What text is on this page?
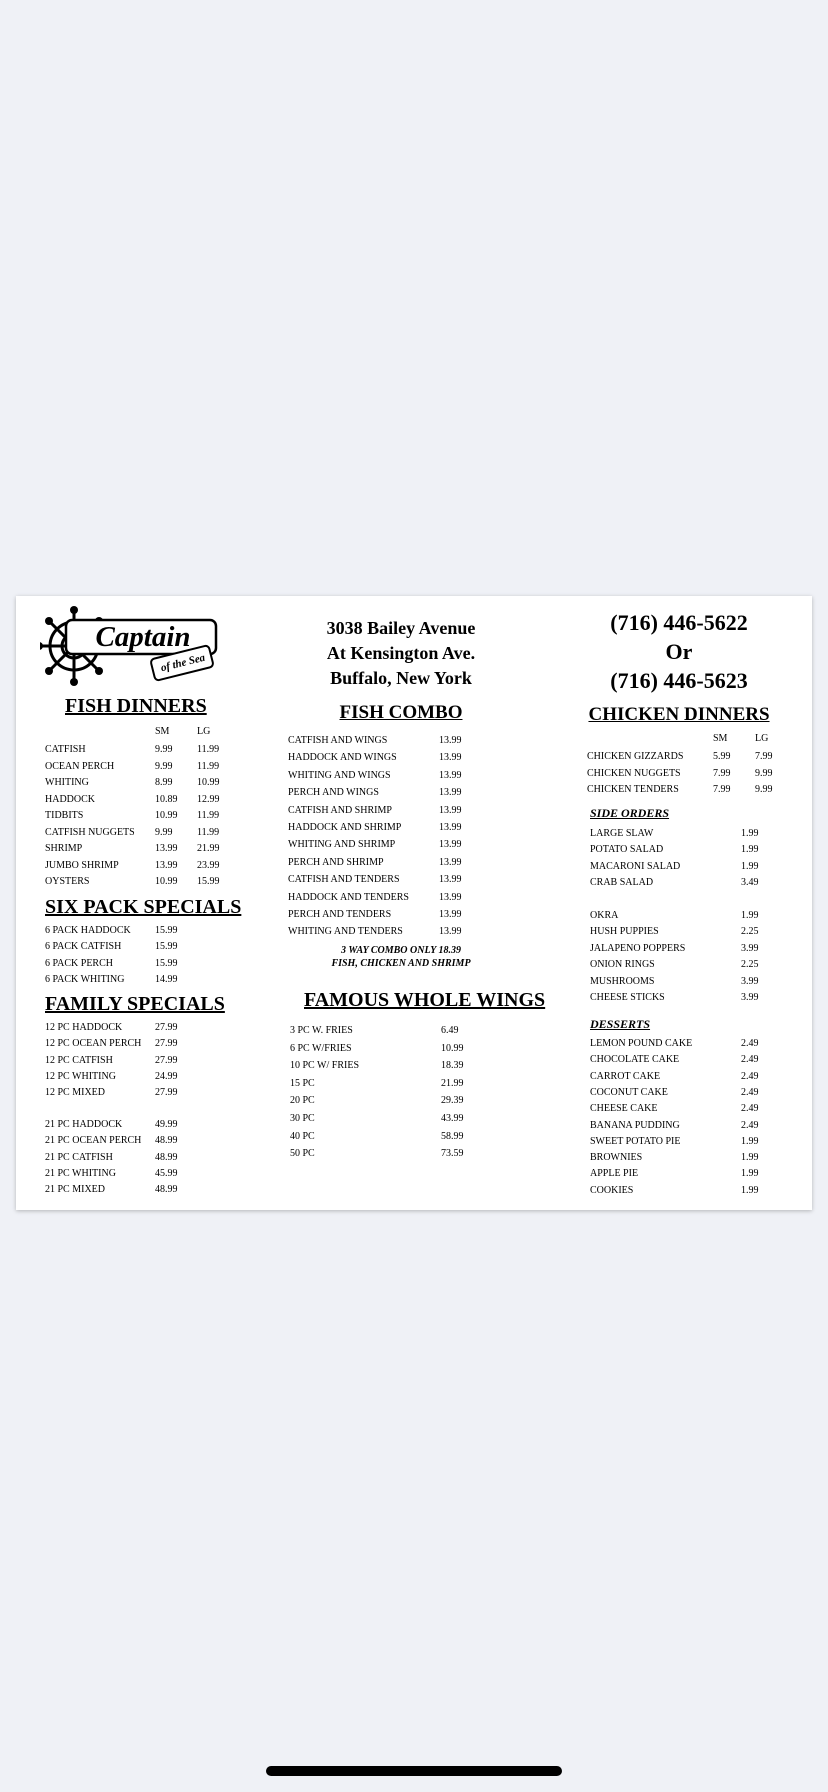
Captain
of the Sea
FISH DINNERS
SM	LG
CATFISH	9.99 11.99
OCEAN PERCH	9.99 11.99
WHITING	8.99 10.99
HADDOCK	10.89 12.99
TIDBITS	10.99 11.99
CATFISH NUGGETS 9.99 11.99
SHRIMP	13.99 21.99
JUMBO SHRIMP	13.99 23.99
OYSTERS	10.99 15.99
SIX PACK SPECIALS
6 PACK HADDOCK 15.99
6 PACK CATFISH	15.99
6 PACK PERCH	15.99
6 PACK WHITING	14.99
FAMILY SPECIALS
12 PC HADDOCK	27.99
12 PC OCEAN PERCH 27.99
12 PC CATFISH	27.99
12 PC WHITING	24.99
12 PC MIXED	27.99
21 PC HADDOCK	49.99
21 PC OCEAN PERCH 48.99
21 PC CATFISH	48.99
21 PC WHITING	45.99
21 PC MIXED	48.99
3038 Bailey Avenue
At Kensington Ave.
Buffalo, New York
FISH COMBO
CATFISH AND WINGS	13.99
HADDOCK AND WINGS	13.99
WHITING AND WINGS	13.99
PERCH AND WINGS	13.99
CATFISH AND SHRIMP	13.99
HADDOCK AND SHRIMP	13.99
WHITING AND SHRIMP	13.99
PERCH AND SHRIMP	13.99
CATFISH AND TENDERS	13.99
HADDOCK AND TENDERS	13.99
PERCH AND TENDERS	13.99
WHITING AND TENDERS	13.99
3 WAY COMBO ONLY 18.39
FISH, CHICKEN AND SHRIMP
FAMOUS WHOLE WINGS
3 PC W. FRIES	6.49
6 PC W/FRIES	10.99
10 PC W/ FRIES	18.39
15 PC	21.99
20 PC	29.39
30 PC	43.99
40 PC	58.99
50 PC	73.59
(716) 446-5622
Or
(716) 446-5623
CHICKEN DINNERS
SM	LG
CHICKEN GIZZARDS	5.99 7.99
CHICKEN NUGGETS	7.99 9.99
CHICKEN TENDERS	7.99 9.99
SIDE ORDERS
LARGE SLAW	1.99
POTATO SALAD	1.99
MACARONI SALAD	1.99
CRAB SALAD	3.49
OKRA	1.99
HUSH PUPPIES	2.25
JALAPENO POPPERS	3.99
ONION RINGS	2.25
MUSHROOMS	3.99
CHEESE STICKS	3.99
DESSERTS
LEMON POUND CAKE	2.49
CHOCOLATE CAKE	2.49
CARROT CAKE	2.49
COCONUT CAKE	2.49
CHEESE CAKE	2.49
BANANA PUDDING	2.49
SWEET POTATO PIE	1.99
BROWNIES	1.99
APPLE PIE	1.99
COOKIES	1.99
